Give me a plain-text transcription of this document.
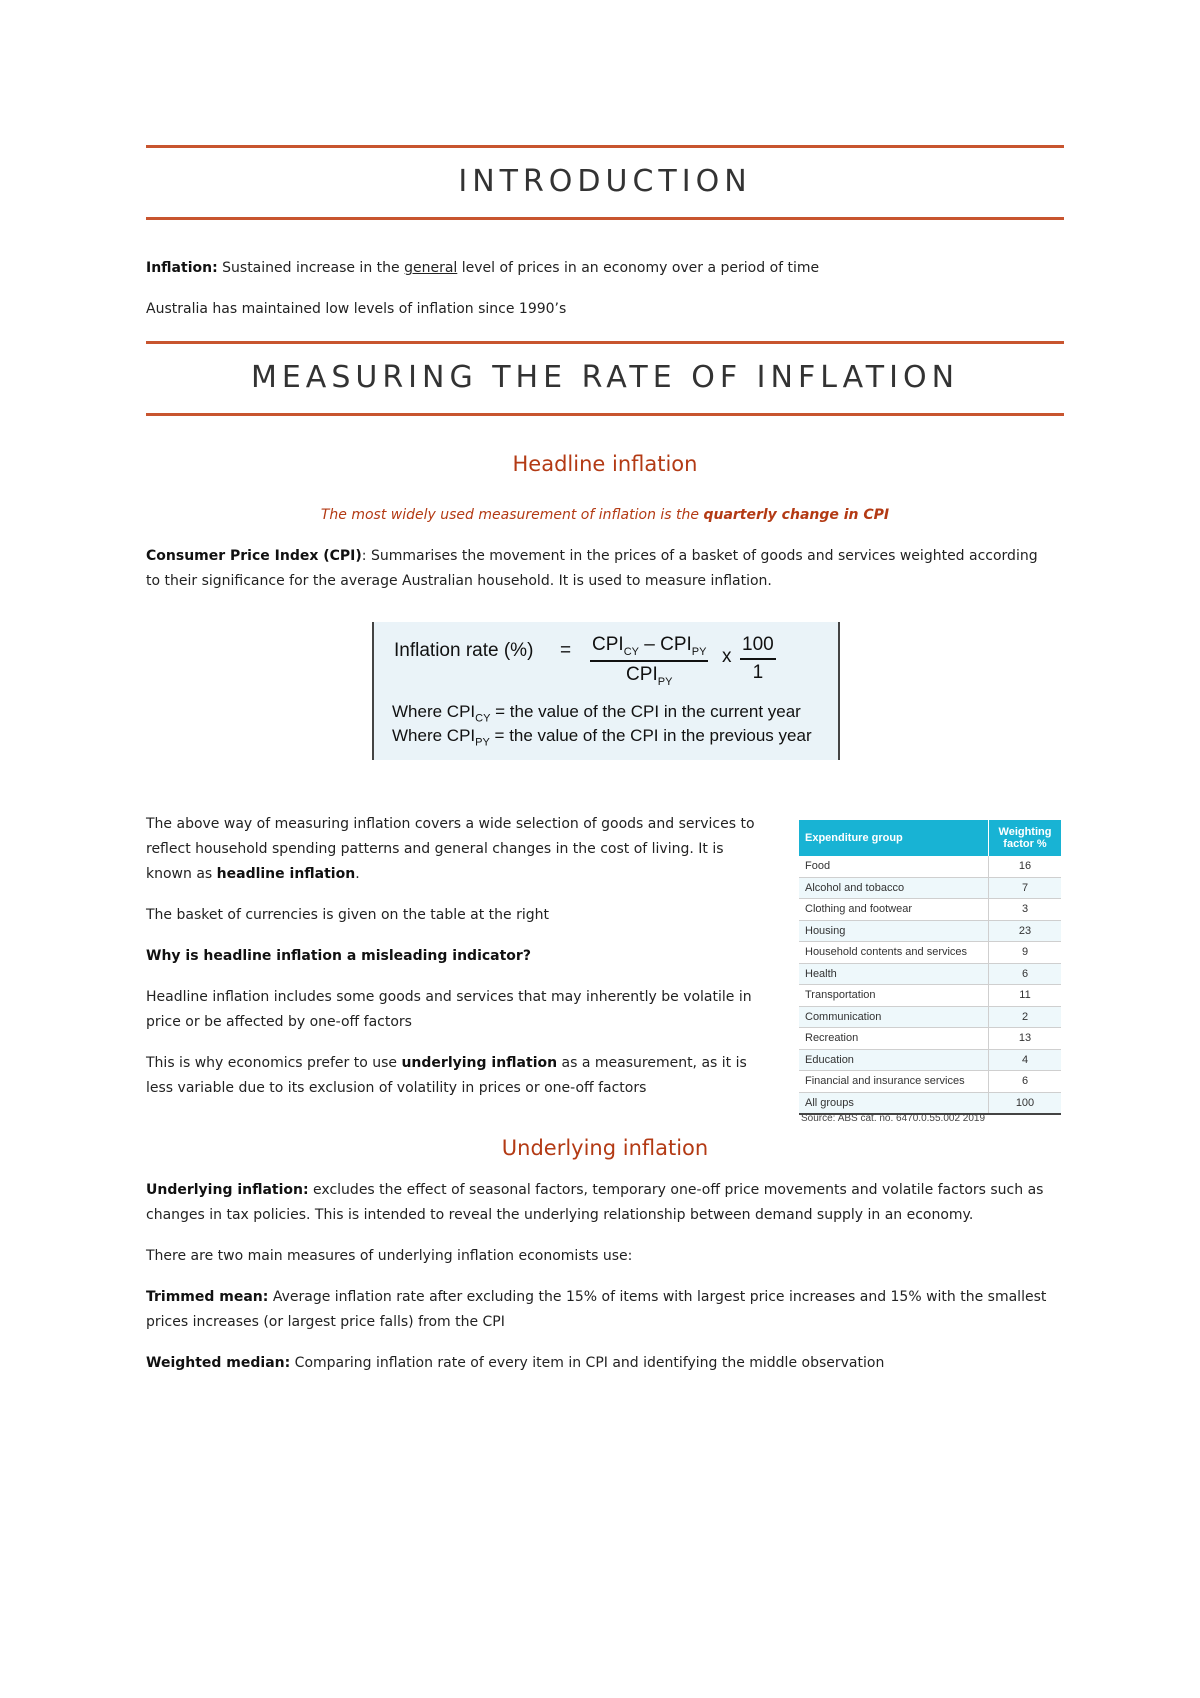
INTRODUCTION

Inflation: Sustained increase in the general level of prices in an economy over a period of time

Australia has maintained low levels of inflation since 1990’s

MEASURING THE RATE OF INFLATION
Headline inflation

The most widely used measurement of inflation is the quarterly change in CPI

Consumer Price Index (CPI): Summarises the movement in the prices of a basket of goods and services weighted according

to their significance for the average Australian household. It is used to measure inflation.

Inflation rate (%) = $CPI_{CY} - CPI_{PY}$
$CPI_{PY}$
x $\frac{100}{1}$
Where $CPI_{CY}$ = the value of the CPI in the current year
Where $CPI_{PY}$ = the value of the CPI in the previous year

The above way of measuring inflation covers a wide selection of goods and services to

reflect household spending patterns and general changes in the cost of living. It is

known as headline inflation.

The basket of currencies is given on the table at the right

Why is headline inflation a misleading indicator?

Headline inflation includes some goods and services that may inherently be volatile in

price or be affected by one-off factors

This is why economics prefer to use underlying inflation as a measurement, as it is

less variable due to its exclusion of volatility in prices or one-off factors

Expenditure group	Weighting
factor %
Food	16
Alcohol and tobacco	7
Clothing and footwear	3
Housing	23
Household contents and services	9
Health	6
Transportation	11
Communication	2
Recreation	13
Education	4
Financial and insurance services	6
All groups	100
Source: ABS cat. no. 6470.0.55.002 2019
Underlying inflation

Underlying inflation: excludes the effect of seasonal factors, temporary one-off price movements and volatile factors such as

changes in tax policies. This is intended to reveal the underlying relationship between demand supply in an economy.

There are two main measures of underlying inflation economists use:

Trimmed mean: Average inflation rate after excluding the 15% of items with largest price increases and 15% with the smallest

prices increases (or largest price falls) from the CPI

Weighted median: Comparing inflation rate of every item in CPI and identifying the middle observation
